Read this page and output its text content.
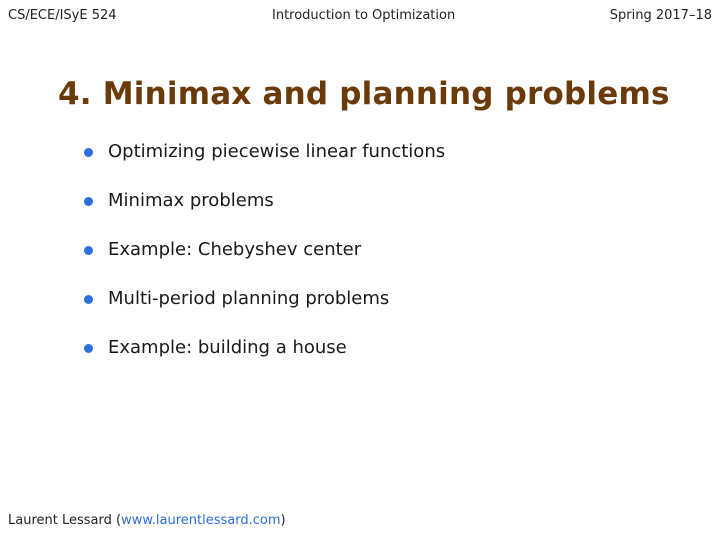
CS/ECE/ISyE 524	Introduction to Optimization	Spring 2017–18
4. Minimax and planning problems
Optimizing piecewise linear functions
Minimax problems
Example: Chebyshev center
Multi-period planning problems
Example: building a house
Laurent Lessard (www.laurentlessard.com)
